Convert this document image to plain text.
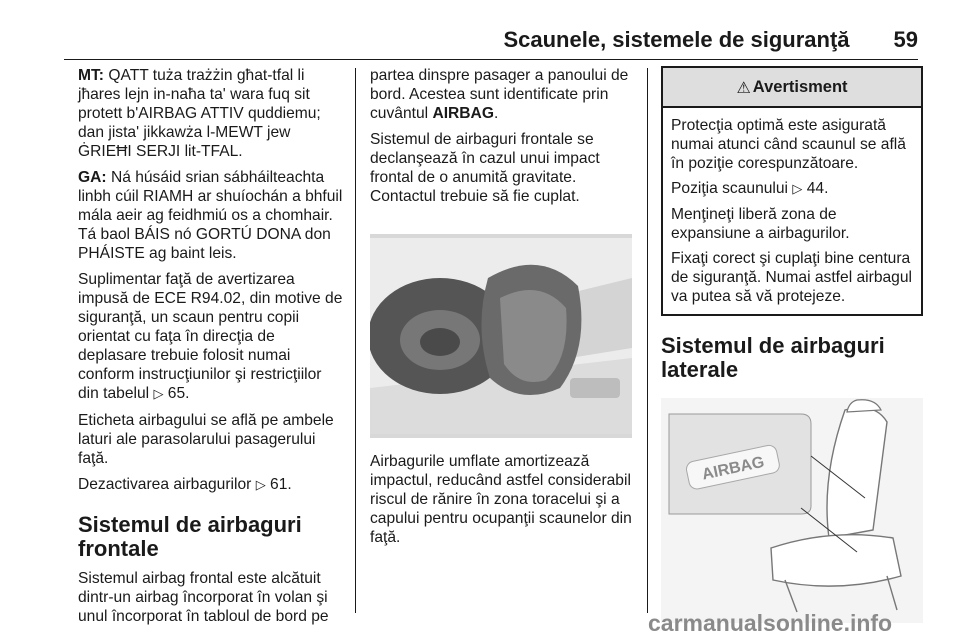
Scaunele, sistemele de siguranţă 59

MT: QATT tuża trażżin għat-tfal li jħares lejn in-naħa ta' wara fuq sit protett b'AIRBAG ATTIV quddiemu; dan jista' jikkawża l-MEWT jew ĠRIEĦI SERJI lit-TFAL.

GA: Ná húsáid srian sábháilteachta linbh cúil RIAMH ar shuíochán a bhfuil mála aeir ag feidhmiú os a chomhair. Tá baol BÁIS nó GORTÚ DONA don PHÁISTE ag baint leis.

Suplimentar faţă de avertizarea impusă de ECE R94.02, din motive de siguranţă, un scaun pentru copii orientat cu faţa în direcţia de deplasare trebuie folosit numai conform instrucţiunilor şi restricţiilor din tabelul ▷ 65.

Eticheta airbagului se află pe ambele laturi ale parasolarului pasagerului faţă.

Dezactivarea airbagurilor ▷ 61.

Sistemul de airbaguri frontale

Sistemul airbag frontal este alcătuit dintr-un airbag încorporat în volan şi unul încorporat în tabloul de bord pe

partea dinspre pasager a panoului de bord. Acestea sunt identificate prin cuvântul AIRBAG.

Sistemul de airbaguri frontale se declanşează în cazul unui impact frontal de o anumită gravitate. Contactul trebuie să fie cuplat.

Airbagurile umflate amortizează impactul, reducând astfel considerabil riscul de rănire în zona toracelui şi a capului pentru ocupanţii scaunelor din faţă.

⚠ Avertisment

Protecţia optimă este asigurată numai atunci când scaunul se află în poziţie corespunzătoare.

Poziţia scaunului ▷ 44.

Menţineţi liberă zona de expansiune a airbagurilor.

Fixaţi corect şi cuplaţi bine centura de siguranţă. Numai astfel airbagul va putea să vă protejeze.

Sistemul de airbaguri laterale
AIRBAG
carmanualsonline.info
